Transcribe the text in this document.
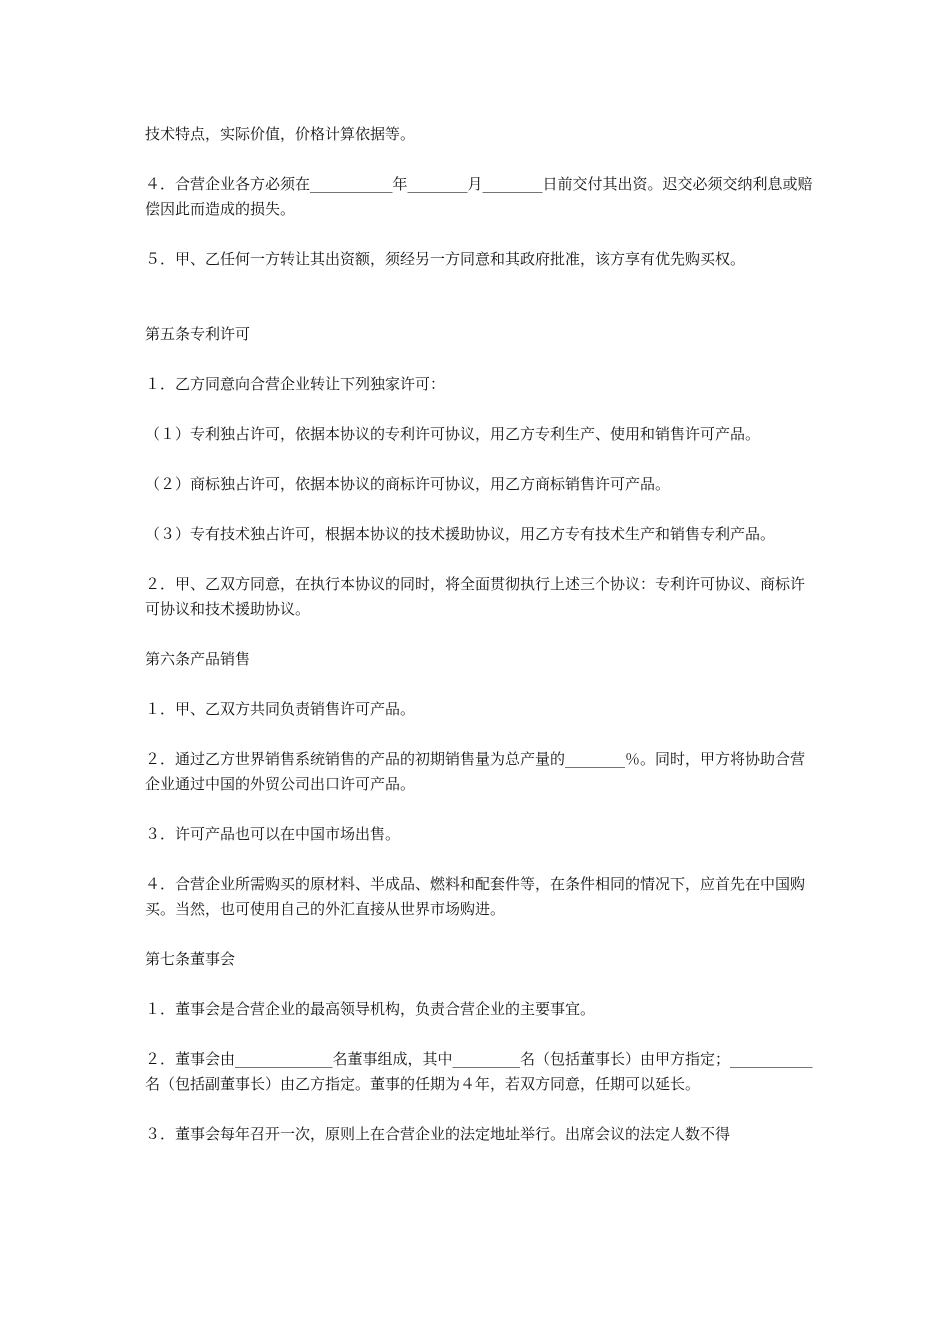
技术特点，实际价值，价格计算依据等。

４．合营企业各方必须在___________年________月________日前交付其出资。迟交必须交纳利息或赔偿因此而造成的损失。

５．甲、乙任何一方转让其出资额，须经另一方同意和其政府批准，该方享有优先购买权。

第五条专利许可

１．乙方同意向合营企业转让下列独家许可：

（１）专利独占许可，依据本协议的专利许可协议，用乙方专利生产、使用和销售许可产品。

（２）商标独占许可，依据本协议的商标许可协议，用乙方商标销售许可产品。

（３）专有技术独占许可，根据本协议的技术援助协议，用乙方专有技术生产和销售专利产品。

２．甲、乙双方同意，在执行本协议的同时，将全面贯彻执行上述三个协议：专利许可协议、商标许可协议和技术援助协议。

第六条产品销售

１．甲、乙双方共同负责销售许可产品。

２．通过乙方世界销售系统销售的产品的初期销售量为总产量的________％。同时，甲方将协助合营企业通过中国的外贸公司出口许可产品。

３．许可产品也可以在中国市场出售。

４．合营企业所需购买的原材料、半成品、燃料和配套件等，在条件相同的情况下，应首先在中国购买。当然，也可使用自己的外汇直接从世界市场购进。

第七条董事会

１．董事会是合营企业的最高领导机构，负责合营企业的主要事宜。

２．董事会由_____________名董事组成，其中_________名（包括董事长）由甲方指定；___________名（包括副董事长）由乙方指定。董事的任期为４年，若双方同意，任期可以延长。

３．董事会每年召开一次，原则上在合营企业的法定地址举行。出席会议的法定人数不得
